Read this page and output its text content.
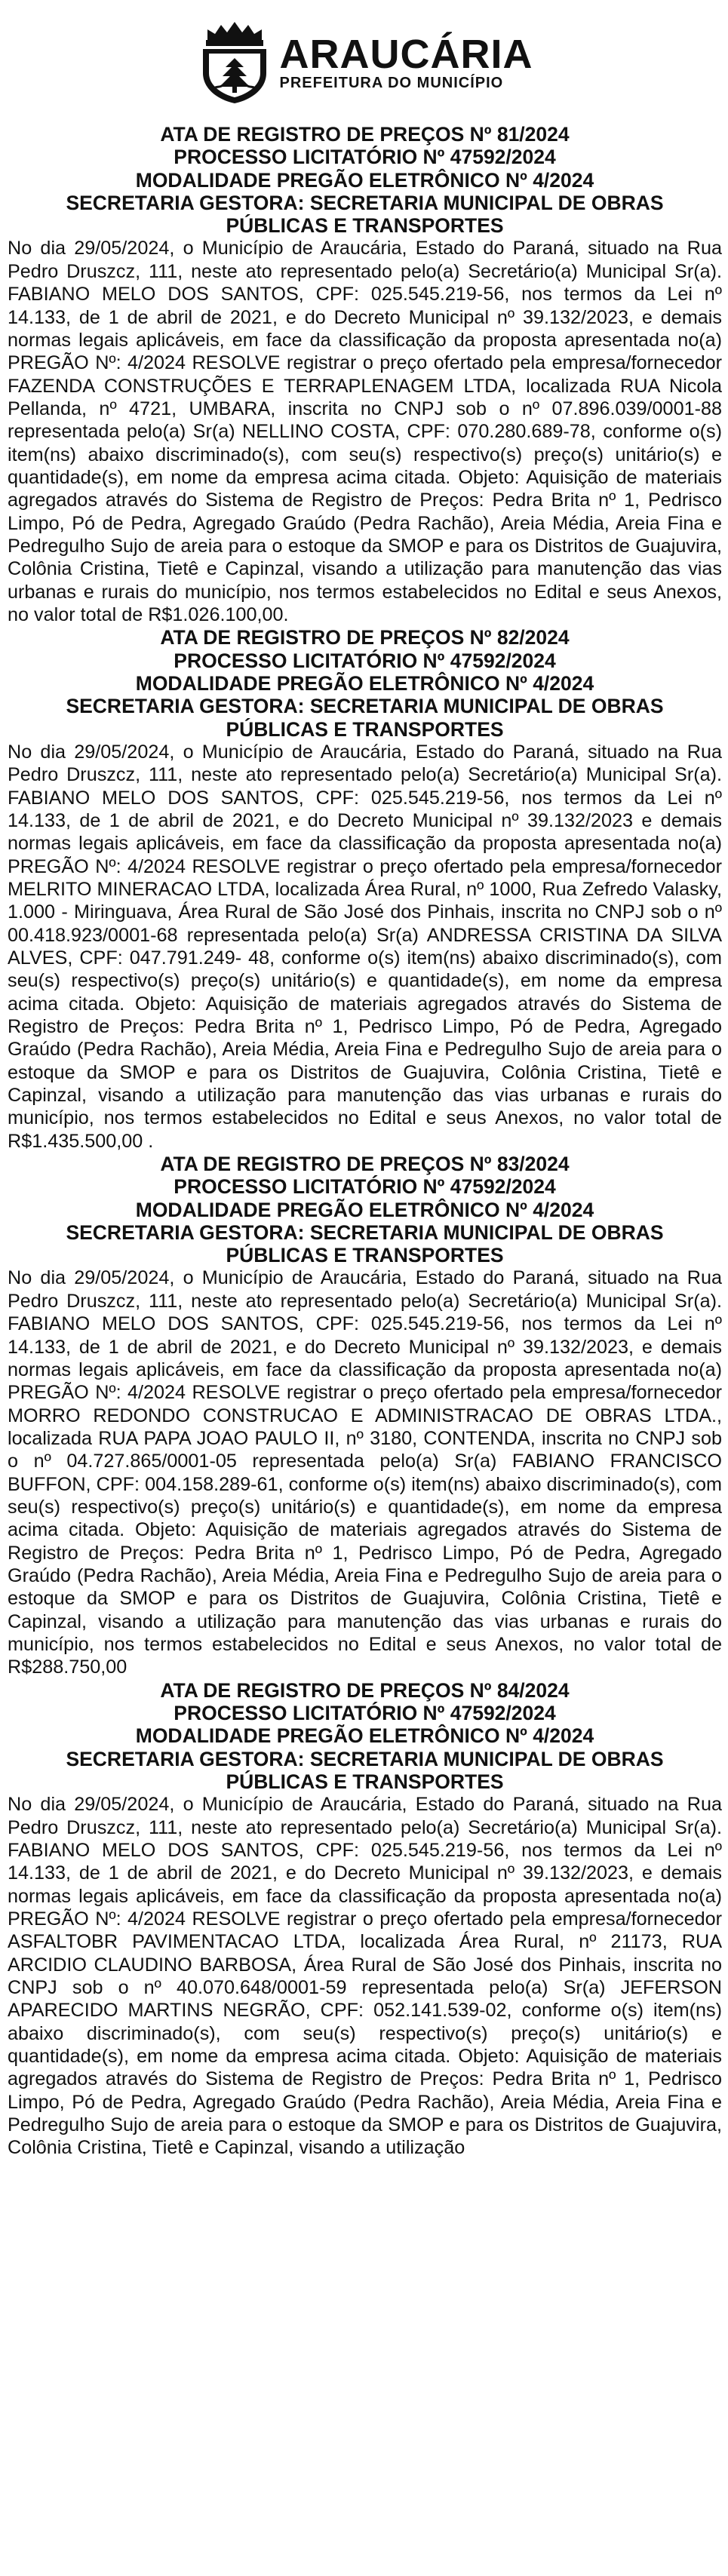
ARAUCÁRIA
PREFEITURA DO MUNICÍPIO
ATA DE REGISTRO DE PREÇOS Nº 81/2024
PROCESSO LICITATÓRIO Nº 47592/2024
MODALIDADE PREGÃO ELETRÔNICO Nº 4/2024
SECRETARIA GESTORA: SECRETARIA MUNICIPAL DE OBRAS PÚBLICAS E TRANSPORTES

No dia 29/05/2024, o Município de Araucária, Estado do Paraná, situado na Rua Pedro Druszcz, 111, neste ato representado pelo(a) Secretário(a) Municipal Sr(a). FABIANO MELO DOS SANTOS, CPF: 025.545.219-56, nos termos da Lei nº 14.133, de 1 de abril de 2021, e do Decreto Municipal nº 39.132/2023, e demais normas legais aplicáveis, em face da classificação da proposta apresentada no(a) PREGÃO Nº: 4/2024 RESOLVE registrar o preço ofertado pela empresa/fornecedor FAZENDA CONSTRUÇÕES E TERRAPLENAGEM LTDA, localizada RUA Nicola Pellanda, nº 4721, UMBARA, inscrita no CNPJ sob o nº 07.896.039/0001-88 representada pelo(a) Sr(a) NELLINO COSTA, CPF: 070.280.689-78, conforme o(s) item(ns) abaixo discriminado(s), com seu(s) respectivo(s) preço(s) unitário(s) e quantidade(s), em nome da empresa acima citada. Objeto: Aquisição de materiais agregados através do Sistema de Registro de Preços: Pedra Brita nº 1, Pedrisco Limpo, Pó de Pedra, Agregado Graúdo (Pedra Rachão), Areia Média, Areia Fina e Pedregulho Sujo de areia para o estoque da SMOP e para os Distritos de Guajuvira, Colônia Cristina, Tietê e Capinzal, visando a utilização para manutenção das vias urbanas e rurais do município, nos termos estabelecidos no Edital e seus Anexos, no valor total de R$1.026.100,00.

ATA DE REGISTRO DE PREÇOS Nº 82/2024
PROCESSO LICITATÓRIO Nº 47592/2024
MODALIDADE PREGÃO ELETRÔNICO Nº 4/2024
SECRETARIA GESTORA: SECRETARIA MUNICIPAL DE OBRAS PÚBLICAS E TRANSPORTES

No dia 29/05/2024, o Município de Araucária, Estado do Paraná, situado na Rua Pedro Druszcz, 111, neste ato representado pelo(a) Secretário(a) Municipal Sr(a). FABIANO MELO DOS SANTOS, CPF: 025.545.219-56, nos termos da Lei nº 14.133, de 1 de abril de 2021, e do Decreto Municipal nº 39.132/2023 e demais normas legais aplicáveis, em face da classificação da proposta apresentada no(a) PREGÃO Nº: 4/2024 RESOLVE registrar o preço ofertado pela empresa/fornecedor MELRITO MINERACAO LTDA, localizada Área Rural, nº 1000, Rua Zefredo Valasky, 1.000 - Miringuava, Área Rural de São José dos Pinhais, inscrita no CNPJ sob o nº 00.418.923/0001-68 representada pelo(a) Sr(a) ANDRESSA CRISTINA DA SILVA ALVES, CPF: 047.791.249- 48, conforme o(s) item(ns) abaixo discriminado(s), com seu(s) respectivo(s) preço(s) unitário(s) e quantidade(s), em nome da empresa acima citada. Objeto: Aquisição de materiais agregados através do Sistema de Registro de Preços: Pedra Brita nº 1, Pedrisco Limpo, Pó de Pedra, Agregado Graúdo (Pedra Rachão), Areia Média, Areia Fina e Pedregulho Sujo de areia para o estoque da SMOP e para os Distritos de Guajuvira, Colônia Cristina, Tietê e Capinzal, visando a utilização para manutenção das vias urbanas e rurais do município, nos termos estabelecidos no Edital e seus Anexos, no valor total de R$1.435.500,00 .

ATA DE REGISTRO DE PREÇOS Nº 83/2024
PROCESSO LICITATÓRIO Nº 47592/2024
MODALIDADE PREGÃO ELETRÔNICO Nº 4/2024
SECRETARIA GESTORA: SECRETARIA MUNICIPAL DE OBRAS PÚBLICAS E TRANSPORTES

No dia 29/05/2024, o Município de Araucária, Estado do Paraná, situado na Rua Pedro Druszcz, 111, neste ato representado pelo(a) Secretário(a) Municipal Sr(a). FABIANO MELO DOS SANTOS, CPF: 025.545.219-56, nos termos da Lei nº 14.133, de 1 de abril de 2021, e do Decreto Municipal nº 39.132/2023, e demais normas legais aplicáveis, em face da classificação da proposta apresentada no(a) PREGÃO Nº: 4/2024 RESOLVE registrar o preço ofertado pela empresa/fornecedor MORRO REDONDO CONSTRUCAO E ADMINISTRACAO DE OBRAS LTDA., localizada RUA PAPA JOAO PAULO II, nº 3180, CONTENDA, inscrita no CNPJ sob o nº 04.727.865/0001-05 representada pelo(a) Sr(a) FABIANO FRANCISCO BUFFON, CPF: 004.158.289-61, conforme o(s) item(ns) abaixo discriminado(s), com seu(s) respectivo(s) preço(s) unitário(s) e quantidade(s), em nome da empresa acima citada. Objeto: Aquisição de materiais agregados através do Sistema de Registro de Preços: Pedra Brita nº 1, Pedrisco Limpo, Pó de Pedra, Agregado Graúdo (Pedra Rachão), Areia Média, Areia Fina e Pedregulho Sujo de areia para o estoque da SMOP e para os Distritos de Guajuvira, Colônia Cristina, Tietê e Capinzal, visando a utilização para manutenção das vias urbanas e rurais do município, nos termos estabelecidos no Edital e seus Anexos, no valor total de R$288.750,00

ATA DE REGISTRO DE PREÇOS Nº 84/2024
PROCESSO LICITATÓRIO Nº 47592/2024
MODALIDADE PREGÃO ELETRÔNICO Nº 4/2024
SECRETARIA GESTORA: SECRETARIA MUNICIPAL DE OBRAS PÚBLICAS E TRANSPORTES

No dia 29/05/2024, o Município de Araucária, Estado do Paraná, situado na Rua Pedro Druszcz, 111, neste ato representado pelo(a) Secretário(a) Municipal Sr(a). FABIANO MELO DOS SANTOS, CPF: 025.545.219-56, nos termos da Lei nº 14.133, de 1 de abril de 2021, e do Decreto Municipal nº 39.132/2023, e demais normas legais aplicáveis, em face da classificação da proposta apresentada no(a) PREGÃO Nº: 4/2024 RESOLVE registrar o preço ofertado pela empresa/fornecedor ASFALTOBR PAVIMENTACAO LTDA, localizada Área Rural, nº 21173, RUA ARCIDIO CLAUDINO BARBOSA, Área Rural de São José dos Pinhais, inscrita no CNPJ sob o nº 40.070.648/0001-59 representada pelo(a) Sr(a) JEFERSON APARECIDO MARTINS NEGRÃO, CPF: 052.141.539-02, conforme o(s) item(ns) abaixo discriminado(s), com seu(s) respectivo(s) preço(s) unitário(s) e quantidade(s), em nome da empresa acima citada. Objeto: Aquisição de materiais agregados através do Sistema de Registro de Preços: Pedra Brita nº 1, Pedrisco Limpo, Pó de Pedra, Agregado Graúdo (Pedra Rachão), Areia Média, Areia Fina e Pedregulho Sujo de areia para o estoque da SMOP e para os Distritos de Guajuvira, Colônia Cristina, Tietê e Capinzal, visando a utilização
